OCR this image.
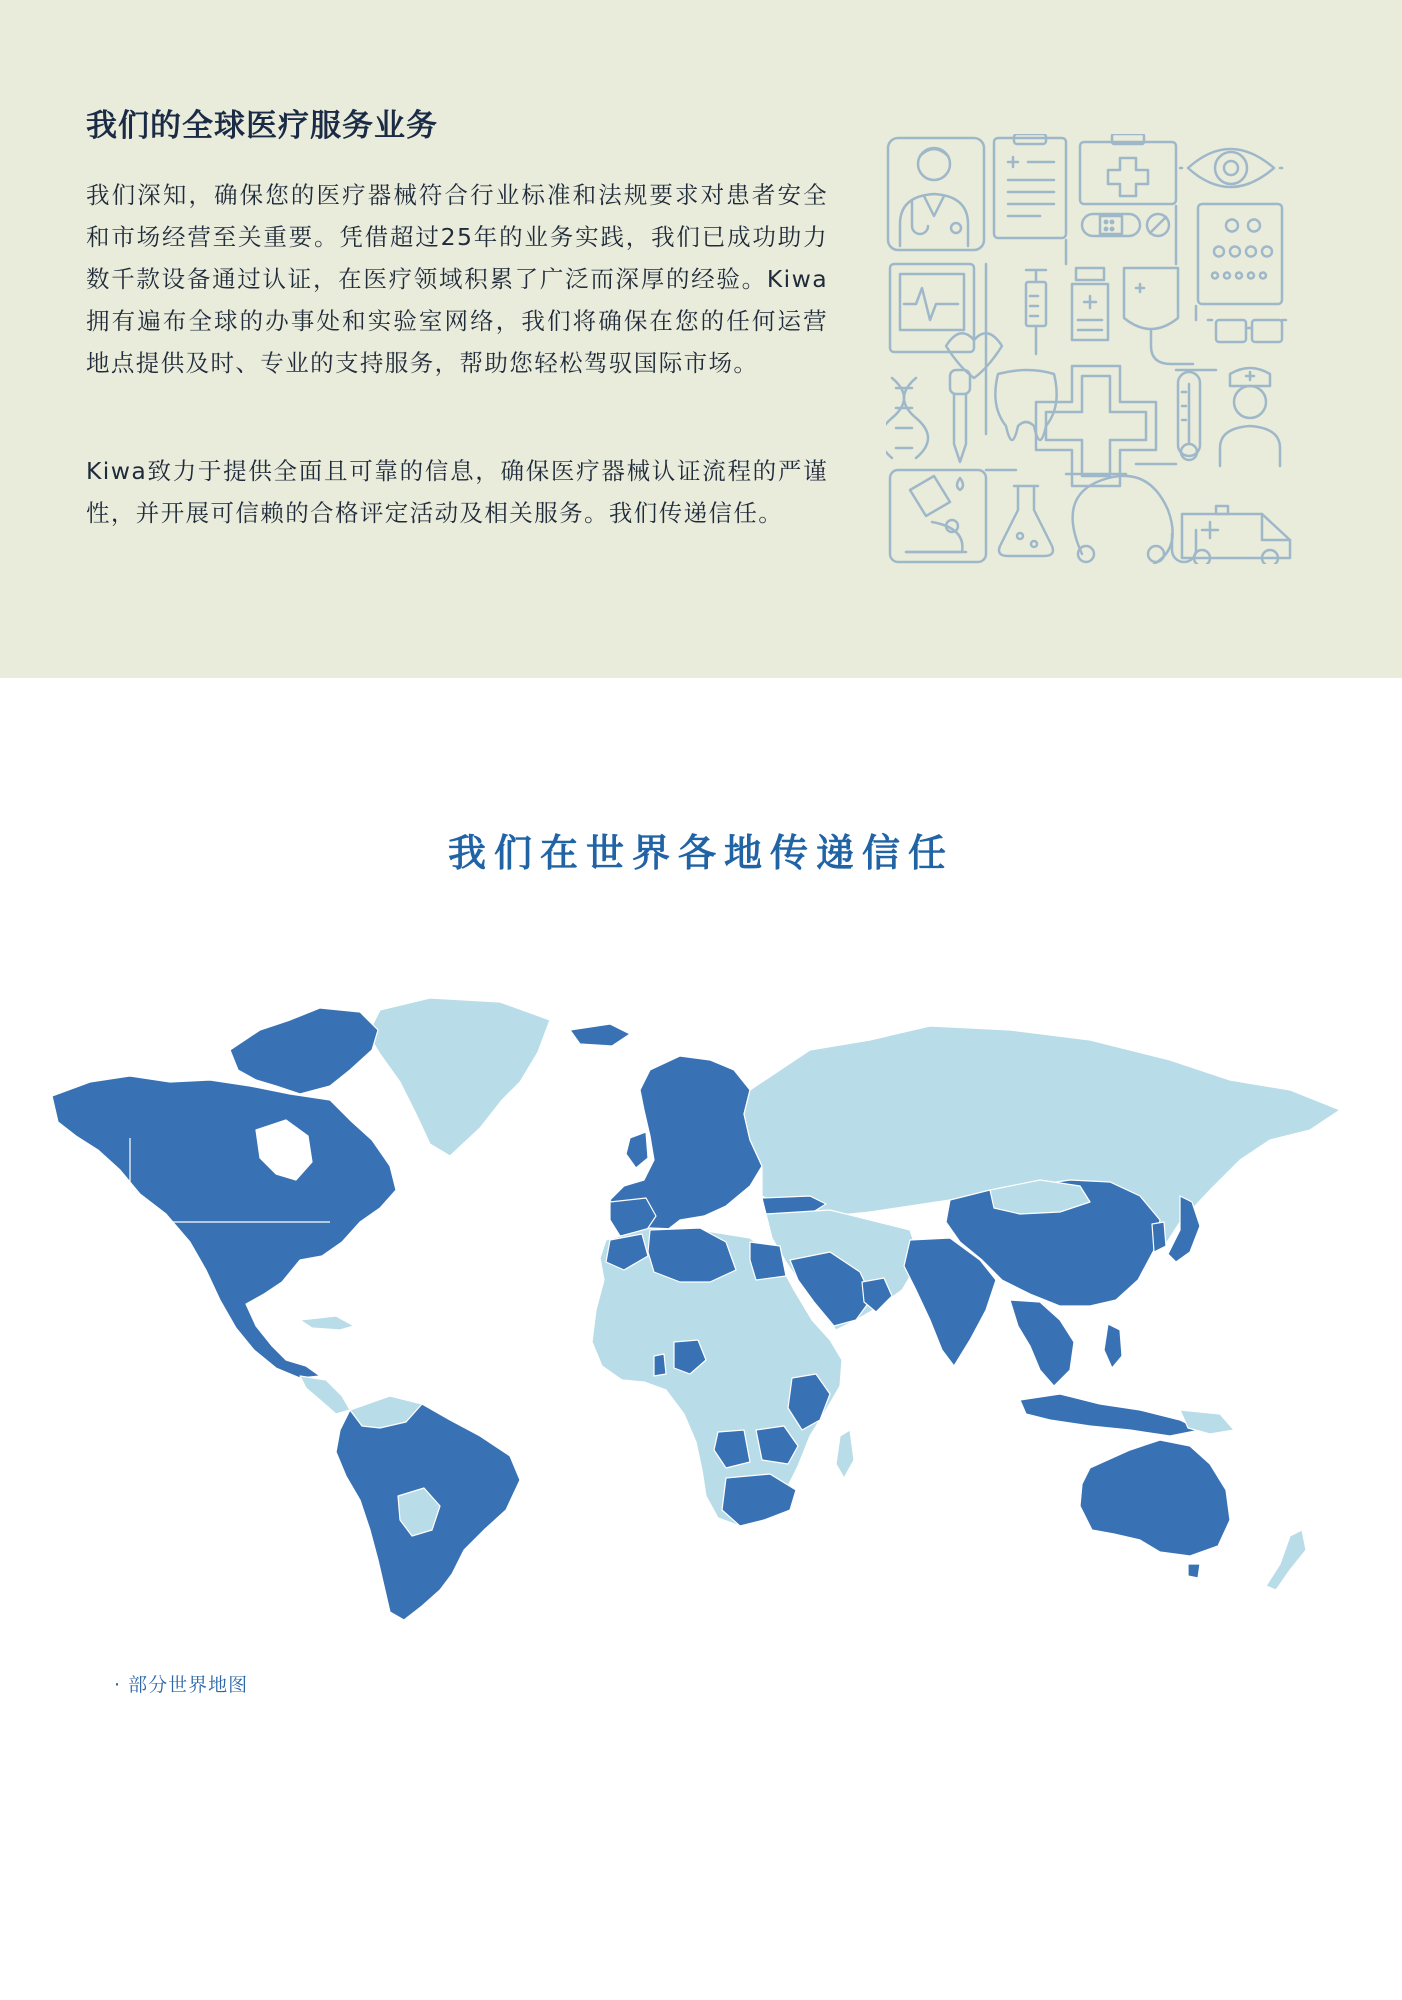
我们的全球医疗服务业务

我们深知，确保您的医疗器械符合行业标准和法规要求对患者安全和市场经营至关重要。凭借超过25年的业务实践，我们已成功助力数千款设备通过认证，在医疗领域积累了广泛而深厚的经验。Kiwa拥有遍布全球的办事处和实验室网络，我们将确保在您的任何运营地点提供及时、专业的支持服务，帮助您轻松驾驭国际市场。

Kiwa致力于提供全面且可靠的信息，确保医疗器械认证流程的严谨性，并开展可信赖的合格评定活动及相关服务。我们传递信任。

我们在世界各地传递信任

· 部分世界地图
